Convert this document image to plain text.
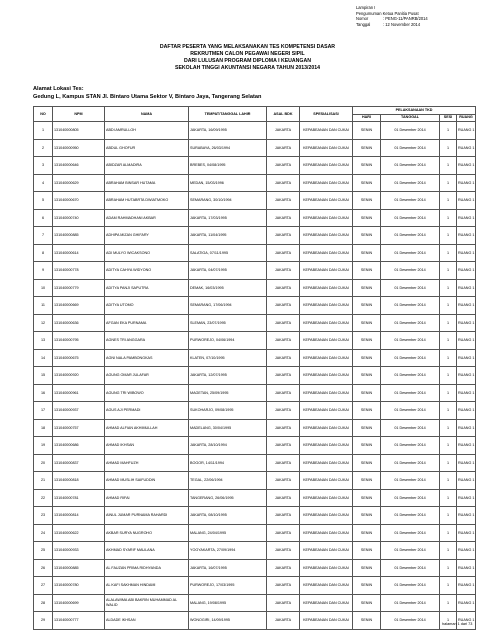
Lampiran I
Pengumuman Ketua Panitia Pusat
Nomor	: PENG-11/PANRB/2014
Tanggal	: 12 November 2014
DAFTAR PESERTA YANG MELAKSANAKAN TES KOMPETENSI DASAR
REKRUTMEN CALON PEGAWAI NEGERI SIPIL
DARI LULUSAN PROGRAM DIPLOMA I KEUANGAN
SEKOLAH TINGGI AKUNTANSI NEGARA TAHUN 2013/2014
Alamat Lokasi Tes:
Gedung L, Kampus STAN Jl. Bintaro Utama Sektor V, Bintaro Jaya, Tangerang Selatan
NO	NPM	NAMA	TEMPAT/TANGGAL LAHIR	ASAL BDK	SPESIALISASI	PELAKSANAAN TKD			
						HARI	TANGGAL	SESI	RUANG
1	131040000805	ABDI AMRULLOH	JAKARTA, 16/09/1995	JAKARTA	KEPABEANAN DAN CUKAI	SENIN	01 Desember 2014	1	RUANG 1
2	131040000950	ABDUL GHOFUR	SURABAYA, 26/03/1994	JAKARTA	KEPABEANAN DAN CUKAI	SENIN	01 Desember 2014	1	RUANG 1
3	131040000646	ABIDZAR ALMADIRA	BREBES, 04/08/1995	JAKARTA	KEPABEANAN DAN CUKAI	SENIN	01 Desember 2014	1	RUANG 1
4	131040000629	ABRAHAM BINSAR HUTAMA	MEDAN, 15/03/1996	JAKARTA	KEPABEANAN DAN CUKAI	SENIN	01 Desember 2014	1	RUANG 1
5	131040000670	ABRAHAM HUTABRTA DWIATMOKO	SEMARANG, 30/10/1994	JAKARTA	KEPABEANAN DAN CUKAI	SENIN	01 Desember 2014	1	RUANG 1
6	131040000740	ADAM RAHMADHANI AKBAR	JAKARTA, 17/03/1995	JAKARTA	KEPABEANAN DAN CUKAI	SENIN	01 Desember 2014	1	RUANG 1
7	131040000885	ADHIPA MIZAN GHIFARY	JAKARTA, 11/04/1995	JAKARTA	KEPABEANAN DAN CUKAI	SENIN	01 Desember 2014	1	RUANG 1
8	131040000614	ADI MULYO WICAKSONO	SALATIGA, 07/11/1995	JAKARTA	KEPABEANAN DAN CUKAI	SENIN	01 Desember 2014	1	RUANG 1
9	131040000778	ADITYA CAHYA WIDYONO	JAKARTA, 04/07/1995	JAKARTA	KEPABEANAN DAN CUKAI	SENIN	01 Desember 2014	1	RUANG 1
10	131040000779	ADITYA PANJI SAPUTRA	DEMAK, 16/03/1995	JAKARTA	KEPABEANAN DAN CUKAI	SENIN	01 Desember 2014	1	RUANG 1
11	131040000669	ADITYA UTOMO	SEMARANG, 17/06/1994	JAKARTA	KEPABEANAN DAN CUKAI	SENIN	01 Desember 2014	1	RUANG 1
12	131040000636	AFGAN EKA PURNAMA	SLEMAN, 23/07/1995	JAKARTA	KEPABEANAN DAN CUKAI	SENIN	01 Desember 2014	1	RUANG 1
13	131040000795	AGNES TRI ANGGARA	PURWOREJO, 04/06/1994	JAKARTA	KEPABEANAN DAN CUKAI	SENIN	01 Desember 2014	1	RUANG 1
14	131040000675	AGNI NALA PAMBONGKAS	KLATEN, 07/10/1995	JAKARTA	KEPABEANAN DAN CUKAI	SENIN	01 Desember 2014	1	RUANG 1
15	131040000920	AGUNG OMAR JULAFAR	JAKARTA, 12/07/1995	JAKARTA	KEPABEANAN DAN CUKAI	SENIN	01 Desember 2014	1	RUANG 1
16	131040000961	AGUNG TRI WIBOWO	MAGETAN, 25/09/1995	JAKARTA	KEPABEANAN DAN CUKAI	SENIN	01 Desember 2014	1	RUANG 1
17	131040000937	AGUS AJI PERMADI	SUKOHARJO, 09/08/1995	JAKARTA	KEPABEANAN DAN CUKAI	SENIN	01 Desember 2014	1	RUANG 1
18	131040000757	AHMAD ALFIAN AKHIMULLAH	MADELANG, 30/04/1995	JAKARTA	KEPABEANAN DAN CUKAI	SENIN	01 Desember 2014	1	RUANG 1
19	131040000686	AHMAD IKHSAN	JAKARTA, 28/10/1994	JAKARTA	KEPABEANAN DAN CUKAI	SENIN	01 Desember 2014	1	RUANG 1
20	131040000837	AHMAD MAHFUZH	BOGOR, 14/11/1994	JAKARTA	KEPABEANAN DAN CUKAI	SENIN	01 Desember 2014	1	RUANG 1
21	131040000818	AHMAD MUSLIH SAIFUDDIN	TEGAL, 22/06/1994	JAKARTA	KEPABEANAN DAN CUKAI	SENIN	01 Desember 2014	1	RUANG 1
22	131040000781	AHMAD RIFAI	TANGERANG, 26/06/1995	JAKARTA	KEPABEANAN DAN CUKAI	SENIN	01 Desember 2014	1	RUANG 1
23	131040000814	AINUL JUMAR PURNAMA RAHARDI	JAKARTA, 08/10/1995	JAKARTA	KEPABEANAN DAN CUKAI	SENIN	01 Desember 2014	1	RUANG 1
24	131040000622	AKBAR SURYA NUGROHO	MALANG, 24/04/1995	JAKARTA	KEPABEANAN DAN CUKAI	SENIN	01 Desember 2014	1	RUANG 1
25	131040000933	AKHMAD SYARIF MAULANA	YOGYAKARTA, 27/09/1994	JAKARTA	KEPABEANAN DAN CUKAI	SENIN	01 Desember 2014	1	RUANG 1
26	131040000885	AL FAUZAN PRIMA RIDHYANDA	JAKARTA, 16/07/1995	JAKARTA	KEPABEANAN DAN CUKAI	SENIN	01 Desember 2014	1	RUANG 1
27	131040000780	AL KAFI SAKHMAN HINDAMI	PURWOREJO, 17/03/1995	JAKARTA	KEPABEANAN DAN CUKAI	SENIN	01 Desember 2014	1	RUANG 1
28	131040000699	ALALAWIMA ABI BAKRIN MUHAMMAD AL WALID	MALANG, 19/08/1995	JAKARTA	KEPABEANAN DAN CUKAI	SENIN	01 Desember 2014	1	RUANG 1
29	131040000777	ALDADE IKHSAN	WONOGIRI, 14/09/1995	JAKARTA	KEPABEANAN DAN CUKAI	SENIN	01 Desember 2014	1	RUANG 1
halaman 1 dari 73
